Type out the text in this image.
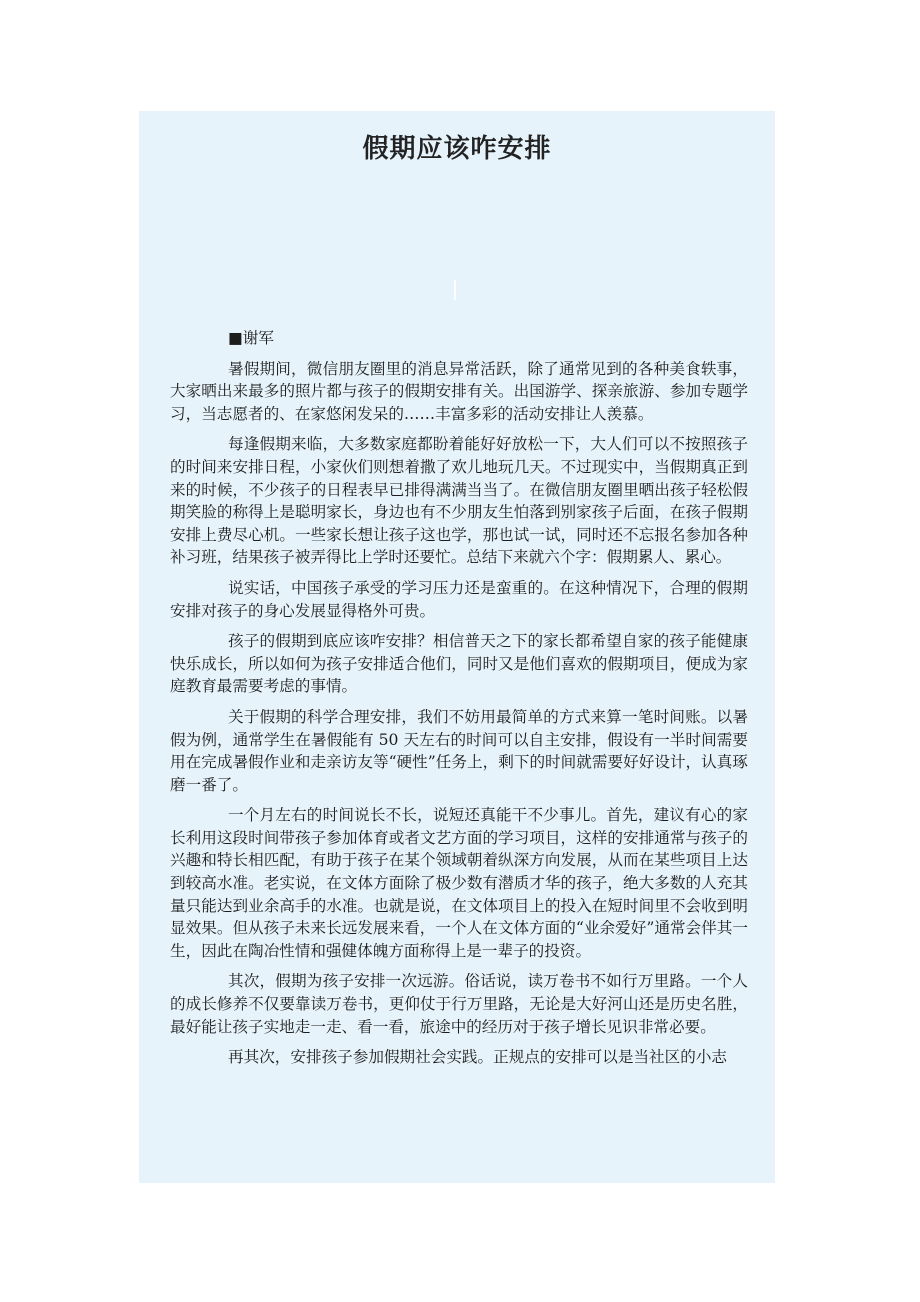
假期应该咋安排

■谢军

暑假期间，微信朋友圈里的消息异常活跃，除了通常见到的各种美食轶事，大家晒出来最多的照片都与孩子的假期安排有关。出国游学、探亲旅游、参加专题学习，当志愿者的、在家悠闲发呆的……丰富多彩的活动安排让人羡慕。

每逢假期来临，大多数家庭都盼着能好好放松一下，大人们可以不按照孩子的时间来安排日程，小家伙们则想着撒了欢儿地玩几天。不过现实中，当假期真正到来的时候，不少孩子的日程表早已排得满满当当了。在微信朋友圈里晒出孩子轻松假期笑脸的称得上是聪明家长，身边也有不少朋友生怕落到别家孩子后面，在孩子假期安排上费尽心机。一些家长想让孩子这也学，那也试一试，同时还不忘报名参加各种补习班，结果孩子被弄得比上学时还要忙。总结下来就六个字：假期累人、累心。

说实话，中国孩子承受的学习压力还是蛮重的。在这种情况下，合理的假期安排对孩子的身心发展显得格外可贵。

孩子的假期到底应该咋安排？相信普天之下的家长都希望自家的孩子能健康快乐成长，所以如何为孩子安排适合他们，同时又是他们喜欢的假期项目，便成为家庭教育最需要考虑的事情。

关于假期的科学合理安排，我们不妨用最简单的方式来算一笔时间账。以暑假为例，通常学生在暑假能有 50 天左右的时间可以自主安排，假设有一半时间需要用在完成暑假作业和走亲访友等“硬性”任务上，剩下的时间就需要好好设计，认真琢磨一番了。

一个月左右的时间说长不长，说短还真能干不少事儿。首先，建议有心的家长利用这段时间带孩子参加体育或者文艺方面的学习项目，这样的安排通常与孩子的兴趣和特长相匹配，有助于孩子在某个领域朝着纵深方向发展，从而在某些项目上达到较高水准。老实说，在文体方面除了极少数有潜质才华的孩子，绝大多数的人充其量只能达到业余高手的水准。也就是说，在文体项目上的投入在短时间里不会收到明显效果。但从孩子未来长远发展来看，一个人在文体方面的“业余爱好”通常会伴其一生，因此在陶冶性情和强健体魄方面称得上是一辈子的投资。

其次，假期为孩子安排一次远游。俗话说，读万卷书不如行万里路。一个人的成长修养不仅要靠读万卷书，更仰仗于行万里路，无论是大好河山还是历史名胜，最好能让孩子实地走一走、看一看，旅途中的经历对于孩子增长见识非常必要。

再其次，安排孩子参加假期社会实践。正规点的安排可以是当社区的小志
